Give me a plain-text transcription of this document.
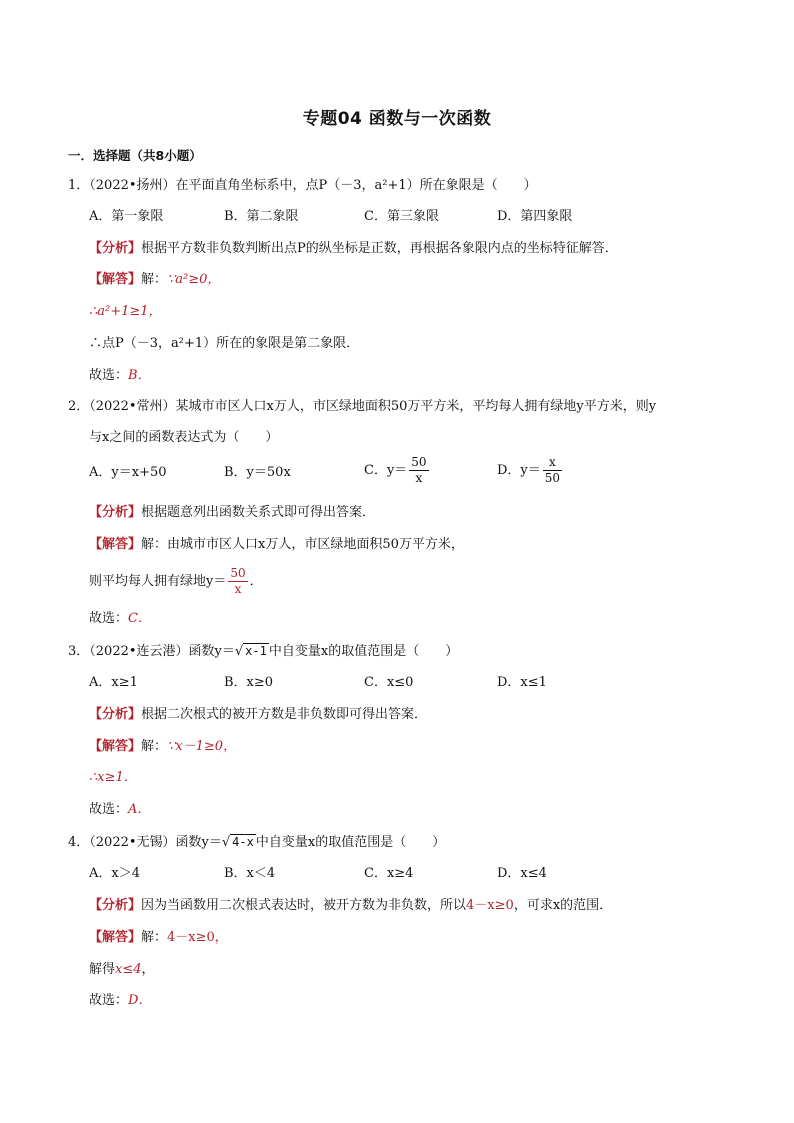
专题04 函数与一次函数
一．选择题（共8小题）
1．（2022•扬州）在平面直角坐标系中，点P（－3，a²+1）所在象限是（　　）
A．第一象限	B．第二象限	C．第三象限	D．第四象限
【分析】根据平方数非负数判断出点P的纵坐标是正数，再根据各象限内点的坐标特征解答．
【解答】解：∵a²≥0，
∴a²+1≥1，
∴点P（－3，a²+1）所在的象限是第二象限．
故选：B．
2．（2022•常州）某城市市区人口x万人，市区绿地面积50万平方米，平均每人拥有绿地y平方米，则y
与x之间的函数表达式为（　　）
A．y＝x+50	B．y＝50x	C．$y= \frac{50}{x}$	D．$y= \frac{x}{50}$
【分析】根据题意列出函数关系式即可得出答案．
【解答】解：由城市市区人口x万人，市区绿地面积50万平方米，
则平均每人拥有绿地$y= \frac{50}{x}$ ．
故选：C．
3．（2022•连云港）函数y＝√ x-1 中自变量x的取值范围是（　　）
A．x≥1	B．x≥0	C．x≤0	D．x≤1
【分析】根据二次根式的被开方数是非负数即可得出答案．
【解答】解：∵x－1≥0，
∴x≥1．
故选：A．
4．（2022•无锡）函数y＝√ 4-x 中自变量x的取值范围是（　　）
A．x＞4	B．x＜4	C．x≥4	D．x≤4
【分析】因为当函数用二次根式表达时，被开方数为非负数，所以4－x≥0，可求x的范围．
【解答】解：4－x≥0，
解得x≤4，
故选：D．
